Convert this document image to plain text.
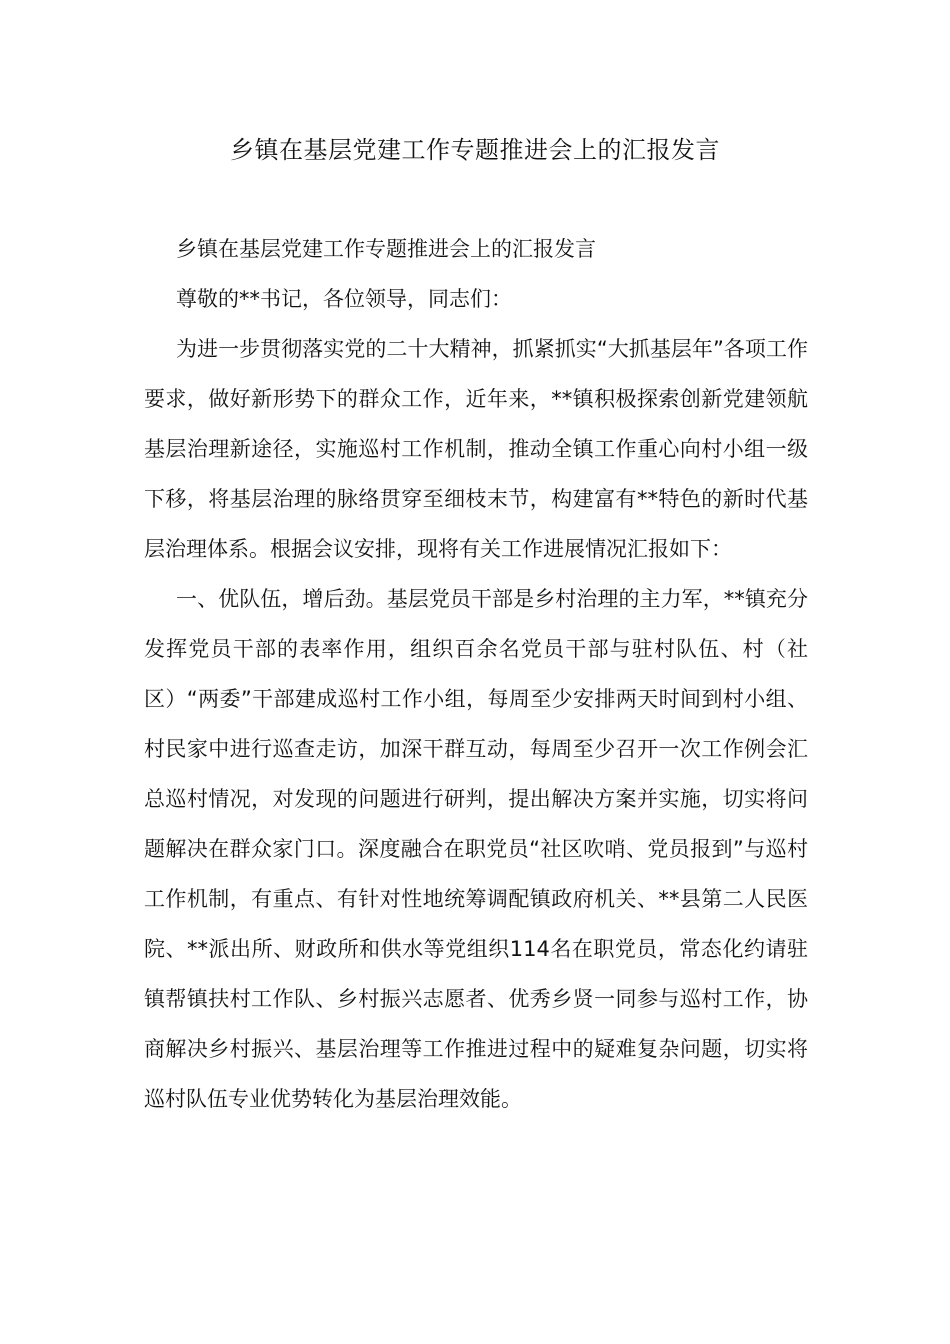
乡镇在基层党建工作专题推进会上的汇报发言

乡镇在基层党建工作专题推进会上的汇报发言

尊敬的**书记，各位领导，同志们：

为进一步贯彻落实党的二十大精神，抓紧抓实“大抓基层年”各项工作要求，做好新形势下的群众工作，近年来，**镇积极探索创新党建领航基层治理新途径，实施巡村工作机制，推动全镇工作重心向村小组一级下移，将基层治理的脉络贯穿至细枝末节，构建富有**特色的新时代基层治理体系。根据会议安排，现将有关工作进展情况汇报如下：

一、优队伍，增后劲。基层党员干部是乡村治理的主力军，**镇充分发挥党员干部的表率作用，组织百余名党员干部与驻村队伍、村（社区）“两委”干部建成巡村工作小组，每周至少安排两天时间到村小组、村民家中进行巡查走访，加深干群互动，每周至少召开一次工作例会汇总巡村情况，对发现的问题进行研判，提出解决方案并实施，切实将问题解决在群众家门口。深度融合在职党员“社区吹哨、党员报到”与巡村工作机制，有重点、有针对性地统筹调配镇政府机关、**县第二人民医院、**派出所、财政所和供水等党组织114名在职党员，常态化约请驻镇帮镇扶村工作队、乡村振兴志愿者、优秀乡贤一同参与巡村工作，协商解决乡村振兴、基层治理等工作推进过程中的疑难复杂问题，切实将巡村队伍专业优势转化为基层治理效能。
